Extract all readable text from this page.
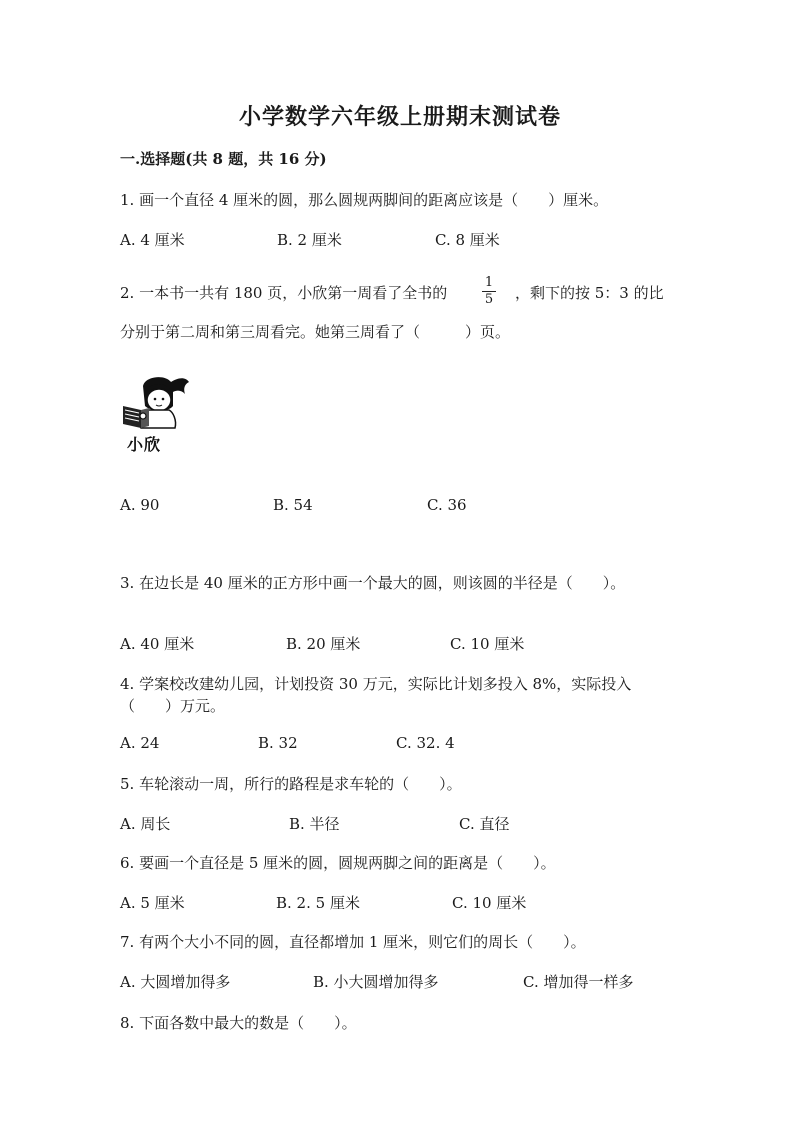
小学数学六年级上册期末测试卷
一.选择题(共 8 题，共 16 分)
1. 画一个直径 4 厘米的圆，那么圆规两脚间的距离应该是（　　）厘米。
A. 4 厘米	B. 2 厘米	C. 8 厘米
2. 一本书一共有 180 页，小欣第一周看了全书的
1
5	，剩下的按 5：3 的比
分别于第二周和第三周看完。她第三周看了（　　　）页。
小欣
A. 90	B. 54	C. 36
3. 在边长是 40 厘米的正方形中画一个最大的圆，则该圆的半径是（　　）。
A. 40 厘米	B. 20 厘米	C. 10 厘米
4. 学案校改建幼儿园，计划投资 30 万元，实际比计划多投入 8%，实际投入
（　　）万元。
A. 24	B. 32	C. 32. 4
5. 车轮滚动一周，所行的路程是求车轮的（　　）。
A. 周长	B. 半径	C. 直径
6. 要画一个直径是 5 厘米的圆，圆规两脚之间的距离是（　　）。
A. 5 厘米	B. 2. 5 厘米	C. 10 厘米
7. 有两个大小不同的圆，直径都增加 1 厘米，则它们的周长（　　）。
A. 大圆增加得多	B. 小大圆增加得多	C. 增加得一样多
8. 下面各数中最大的数是（　　）。
